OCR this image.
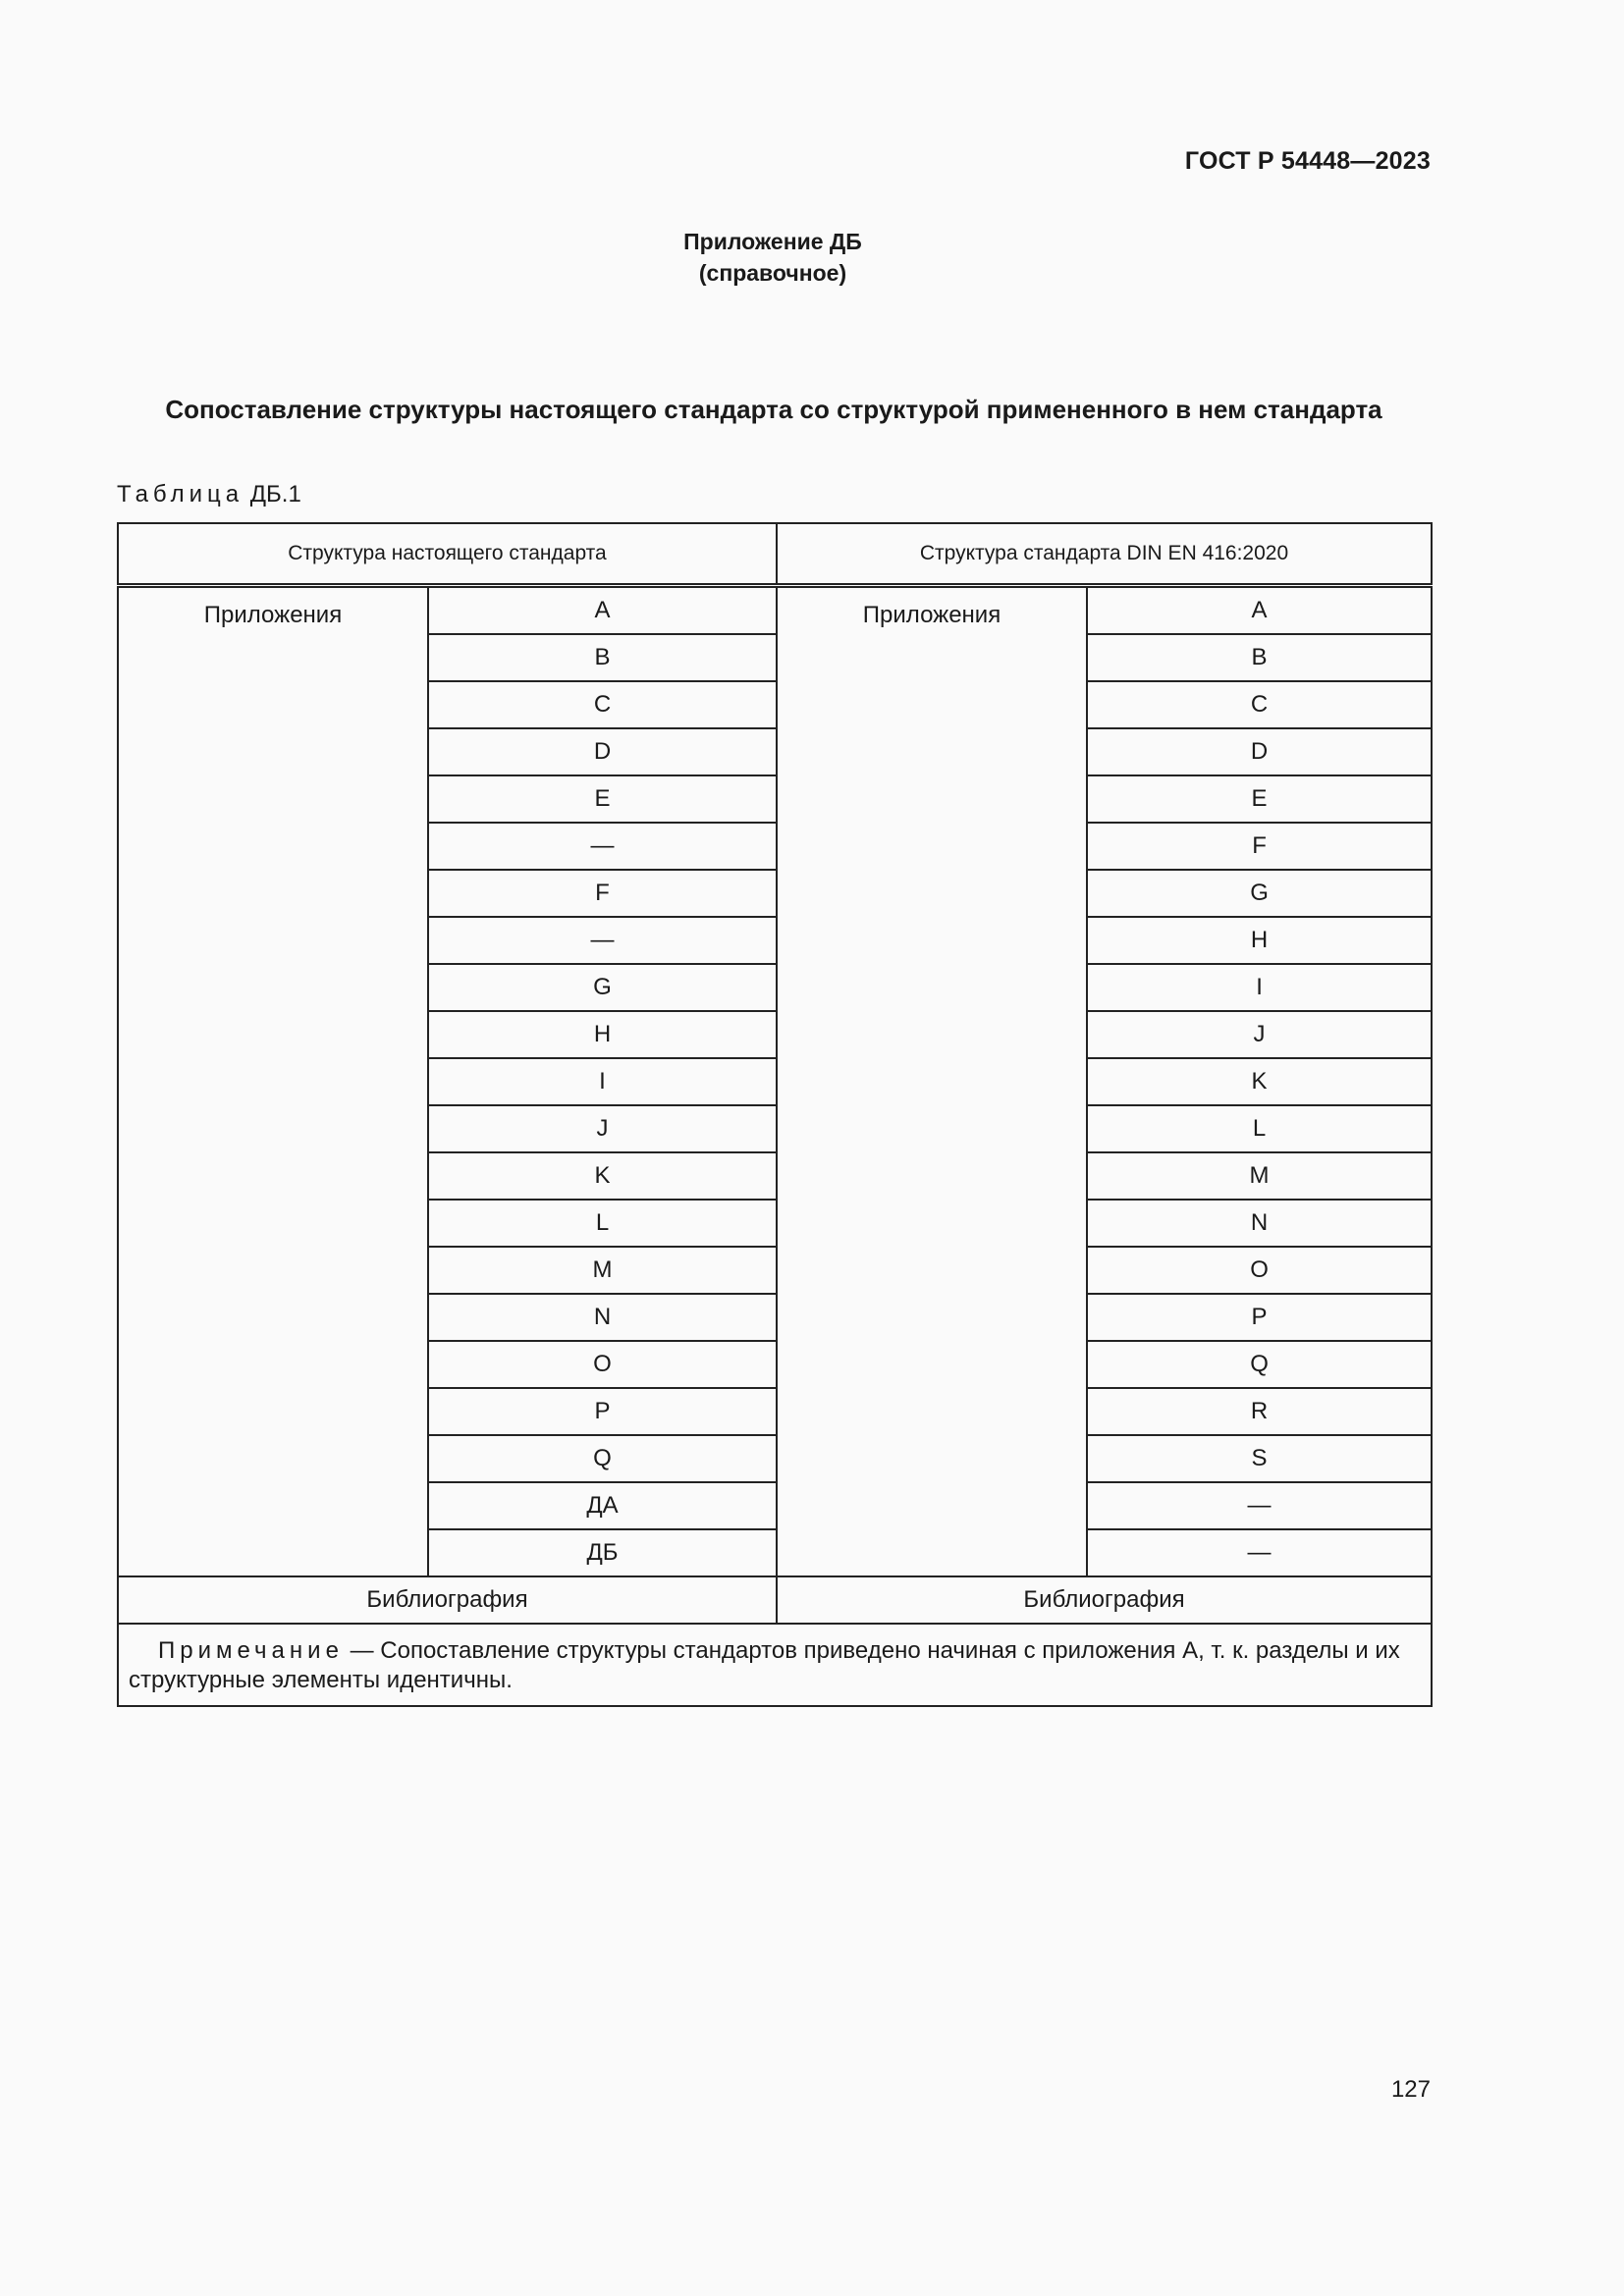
ГОСТ Р 54448—2023
Приложение ДБ
(справочное)
Сопоставление структуры настоящего стандарта со структурой примененного в нем стандарта
Таблица ДБ.1
Структура настоящего стандарта		Структура стандарта DIN EN 416:2020	
Приложения	A	Приложения	A
	B		B
	C		C
	D		D
	E		E
	—		F
	F		G
	—		H
	G		I
	H		J
	I		K
	J		L
	K		M
	L		N
	M		O
	N		P
	O		Q
	P		R
	Q		S
	ДА		—
	ДБ		—
Библиография		Библиография	
Примечание — Сопоставление структуры стандартов приведено начиная с приложения А, т. к. разделы и их структурные элементы идентичны.			
127
